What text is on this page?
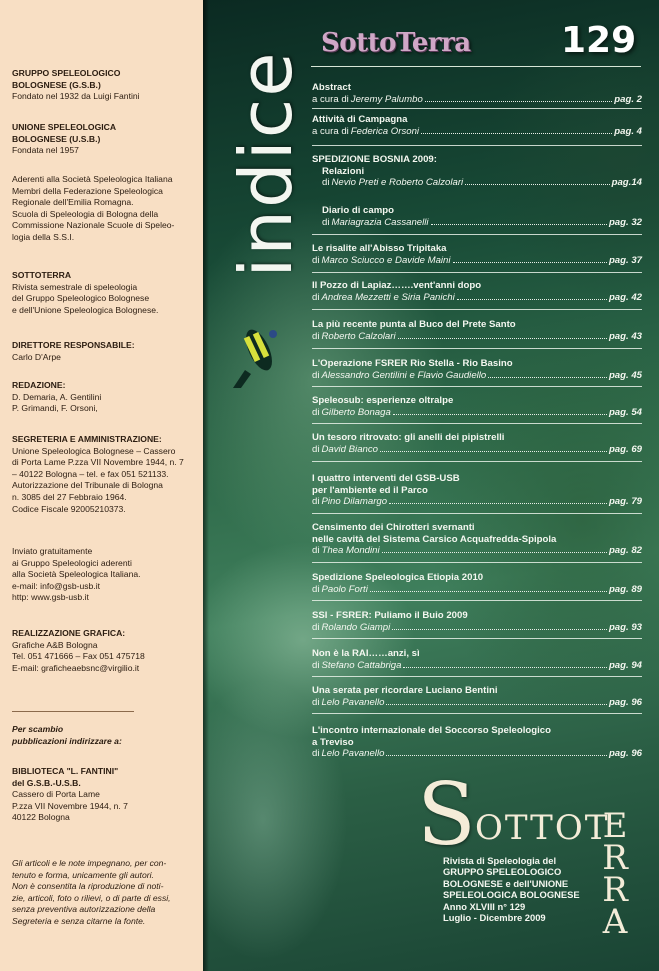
GRUPPO SPELEOLOGICO
BOLOGNESE (G.S.B.)
Fondato nel 1932 da Luigi Fantini
UNIONE SPELEOLOGICA
BOLOGNESE (U.S.B.)
Fondata nel 1957
Aderenti alla Società Speleologica Italiana
Membri della Federazione Speleologica
Regionale dell'Emilia Romagna.
Scuola di Speleologia di Bologna della
Commissione Nazionale Scuole di Speleo-
logia della S.S.I.
SOTTOTERRA
Rivista semestrale di speleologia
del Gruppo Speleologico Bolognese
e dell'Unione Speleologica Bolognese.
DIRETTORE RESPONSABILE:
Carlo D'Arpe
REDAZIONE:
D. Demaria, A. Gentilini
P. Grimandi, F. Orsoni,
SEGRETERIA E AMMINISTRAZIONE:
Unione Speleologica Bolognese – Cassero
di Porta Lame P.zza VII Novembre 1944, n. 7
– 40122 Bologna – tel. e fax 051 521133.
Autorizzazione del Tribunale di Bologna
n. 3085 del 27 Febbraio 1964.
Codice Fiscale 92005210373.
Inviato gratuitamente
ai Gruppo Speleologici aderenti
alla Società Speleologica Italiana.
e-mail: info@gsb-usb.it
http: www.gsb-usb.it
REALIZZAZIONE GRAFICA:
Grafiche A&B Bologna
Tel. 051 471666 – Fax 051 475718
E-mail: graficheaebsnc@virgilio.it
Per scambio
pubblicazioni indirizzare a:
BIBLIOTECA "L. FANTINI"
del G.S.B.-U.S.B.
Cassero di Porta Lame
P.zza VII Novembre 1944, n. 7
40122 Bologna
Gli articoli e le note impegnano, per con-
tenuto e forma, unicamente gli autori.
Non è consentita la riproduzione di noti-
zie, articoli, foto o rilievi, o di parte di essi,
senza preventiva autorizzazione della
Segreteria e senza citarne la fonte.
indice
SottoTerra	129
Abstract
a cura di Jeremy Palumbo	pag. 2
Attività di Campagna
a cura di Federica Orsoni	pag. 4
SPEDIZIONE BOSNIA 2009:
Relazioni
di Nevio Preti e Roberto Calzolari	pag.14
Diario di campo
di Mariagrazia Cassanelli	pag. 32
Le risalite all'Abisso Tripitaka
di Marco Sciucco e Davide Maini	pag. 37
Il Pozzo di Lapiaz…….vent'anni dopo
di Andrea Mezzetti e Siria Panichi	pag. 42
La più recente punta al Buco del Prete Santo
di Roberto Calzolari	pag. 43
L'Operazione FSRER Rio Stella - Rio Basino
di Alessandro Gentilini e Flavio Gaudiello	pag. 45
Speleosub: esperienze oltralpe
di Gilberto Bonaga	pag. 54
Un tesoro ritrovato: gli anelli dei pipistrelli
di David Bianco	pag. 69
I quattro interventi del GSB-USB
per l'ambiente ed il Parco
di Pino Dilamargo	pag. 79
Censimento dei Chirotteri svernanti
nelle cavità del Sistema Carsico Acquafredda-Spipola
di Thea Mondini	pag. 82
Spedizione Speleologica Etiopia 2010
di Paolo Forti	pag. 89
SSI - FSRER: Puliamo il Buio 2009
di Rolando Giampi	pag. 93
Non è la RAI……anzi, sì
di Stefano Cattabriga	pag. 94
Una serata per ricordare Luciano Bentini
di Lelo Pavanello	pag. 96
L'incontro internazionale del Soccorso Speleologico
a Treviso
di Lelo Pavanello	pag. 96
S OTTOT
E
R
R
A
Rivista di Speleologia del
GRUPPO SPELEOLOGICO
BOLOGNESE e dell'UNIONE
SPELEOLOGICA BOLOGNESE
Anno XLVIII n° 129
Luglio - Dicembre 2009
